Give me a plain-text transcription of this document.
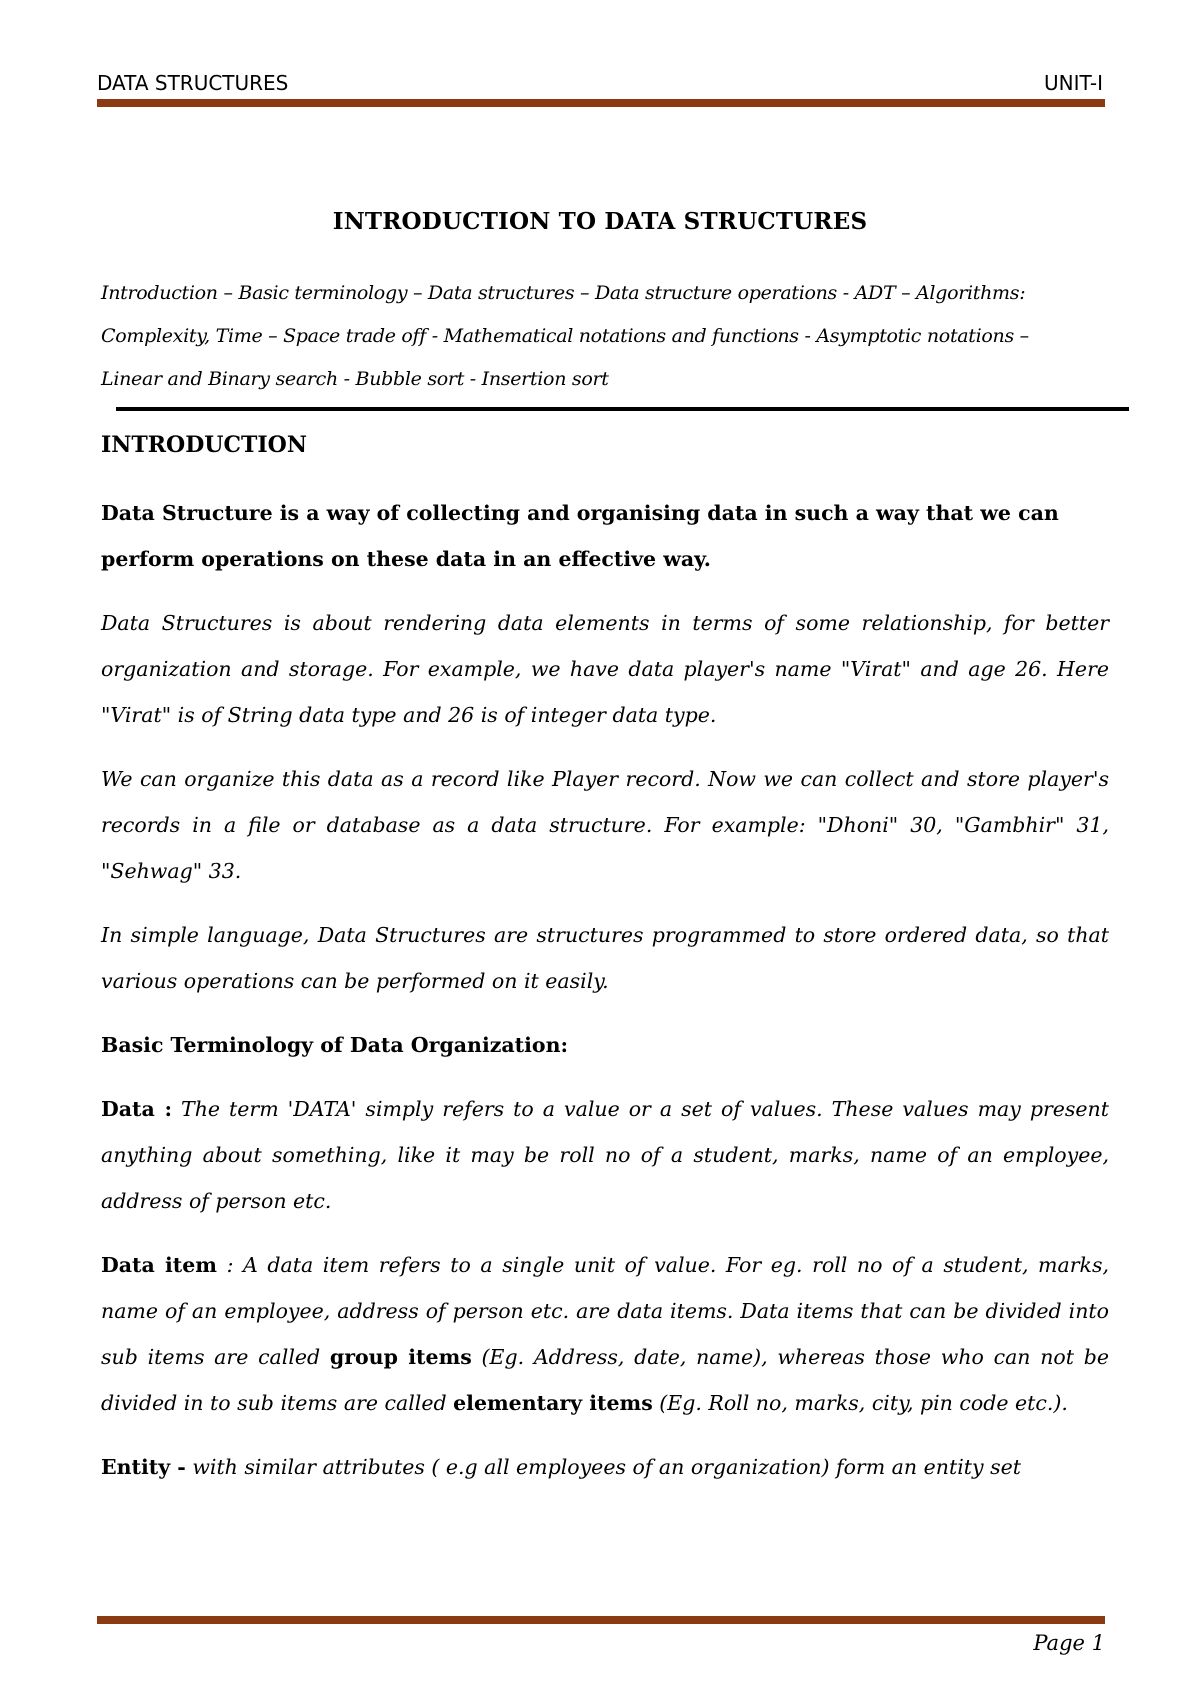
DATA STRUCTURES	UNIT-I
INTRODUCTION TO DATA STRUCTURES
Introduction – Basic terminology – Data structures – Data structure operations - ADT – Algorithms:
Complexity, Time – Space trade off - Mathematical notations and functions - Asymptotic notations –
Linear and Binary search - Bubble sort - Insertion sort

INTRODUCTION

Data Structure is a way of collecting and organising data in such a way that we can perform operations on these data in an effective way.

Data Structures is about rendering data elements in terms of some relationship, for better organization and storage. For example, we have data player's name "Virat" and age 26. Here "Virat" is of String data type and 26 is of integer data type.

We can organize this data as a record like Player record. Now we can collect and store player's records in a file or database as a data structure. For example: "Dhoni" 30, "Gambhir" 31, "Sehwag" 33.

In simple language, Data Structures are structures programmed to store ordered data, so that various operations can be performed on it easily.

Basic Terminology of Data Organization:

Data : The term 'DATA' simply refers to a value or a set of values. These values may present anything about something, like it may be roll no of a student, marks, name of an employee, address of person etc.

Data item : A data item refers to a single unit of value. For eg. roll no of a student, marks, name of an employee, address of person etc. are data items. Data items that can be divided into sub items are called group items (Eg. Address, date, name), whereas those who can not be divided in to sub items are called elementary items (Eg. Roll no, marks, city, pin code etc.).

Entity - with similar attributes ( e.g all employees of an organization) form an entity set

Page 1
